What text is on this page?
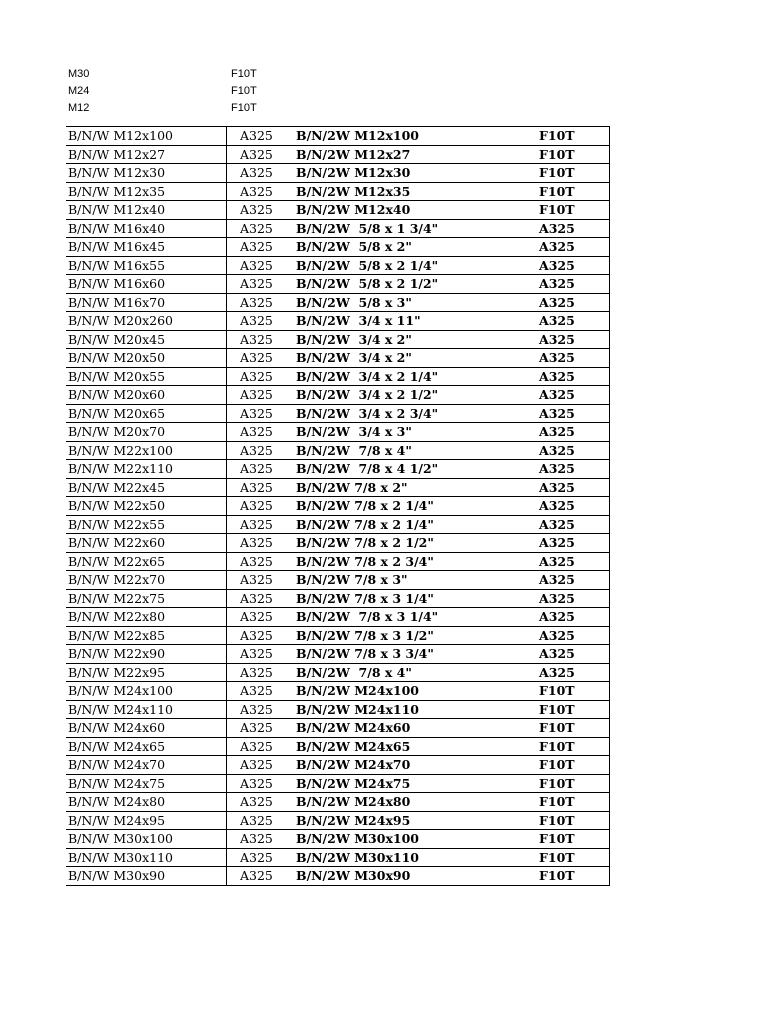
M30	F10T
M24	F10T
M12	F10T
B/N/W M12x100	A325 B/N/2W M12x100	F10T
B/N/W M12x27	A325 B/N/2W M12x27	F10T
B/N/W M12x30	A325 B/N/2W M12x30	F10T
B/N/W M12x35	A325 B/N/2W M12x35	F10T
B/N/W M12x40	A325 B/N/2W M12x40	F10T
B/N/W M16x40	A325 B/N/2W  5/8 x 1 3/4"	A325
B/N/W M16x45	A325 B/N/2W  5/8 x 2"	A325
B/N/W M16x55	A325 B/N/2W  5/8 x 2 1/4"	A325
B/N/W M16x60	A325 B/N/2W  5/8 x 2 1/2"	A325
B/N/W M16x70	A325 B/N/2W  5/8 x 3"	A325
B/N/W M20x260	A325 B/N/2W  3/4 x 11"	A325
B/N/W M20x45	A325 B/N/2W  3/4 x 2"	A325
B/N/W M20x50	A325 B/N/2W  3/4 x 2"	A325
B/N/W M20x55	A325 B/N/2W  3/4 x 2 1/4"	A325
B/N/W M20x60	A325 B/N/2W  3/4 x 2 1/2"	A325
B/N/W M20x65	A325 B/N/2W  3/4 x 2 3/4"	A325
B/N/W M20x70	A325 B/N/2W  3/4 x 3"	A325
B/N/W M22x100	A325 B/N/2W  7/8 x 4"	A325
B/N/W M22x110	A325 B/N/2W  7/8 x 4 1/2"	A325
B/N/W M22x45	A325 B/N/2W 7/8 x 2"	A325
B/N/W M22x50	A325 B/N/2W 7/8 x 2 1/4"	A325
B/N/W M22x55	A325 B/N/2W 7/8 x 2 1/4"	A325
B/N/W M22x60	A325 B/N/2W 7/8 x 2 1/2"	A325
B/N/W M22x65	A325 B/N/2W 7/8 x 2 3/4"	A325
B/N/W M22x70	A325 B/N/2W 7/8 x 3"	A325
B/N/W M22x75	A325 B/N/2W 7/8 x 3 1/4"	A325
B/N/W M22x80	A325 B/N/2W  7/8 x 3 1/4"	A325
B/N/W M22x85	A325 B/N/2W 7/8 x 3 1/2"	A325
B/N/W M22x90	A325 B/N/2W 7/8 x 3 3/4"	A325
B/N/W M22x95	A325 B/N/2W  7/8 x 4"	A325
B/N/W M24x100	A325 B/N/2W M24x100	F10T
B/N/W M24x110	A325 B/N/2W M24x110	F10T
B/N/W M24x60	A325 B/N/2W M24x60	F10T
B/N/W M24x65	A325 B/N/2W M24x65	F10T
B/N/W M24x70	A325 B/N/2W M24x70	F10T
B/N/W M24x75	A325 B/N/2W M24x75	F10T
B/N/W M24x80	A325 B/N/2W M24x80	F10T
B/N/W M24x95	A325 B/N/2W M24x95	F10T
B/N/W M30x100	A325 B/N/2W M30x100	F10T
B/N/W M30x110	A325 B/N/2W M30x110	F10T
B/N/W M30x90	A325 B/N/2W M30x90	F10T
